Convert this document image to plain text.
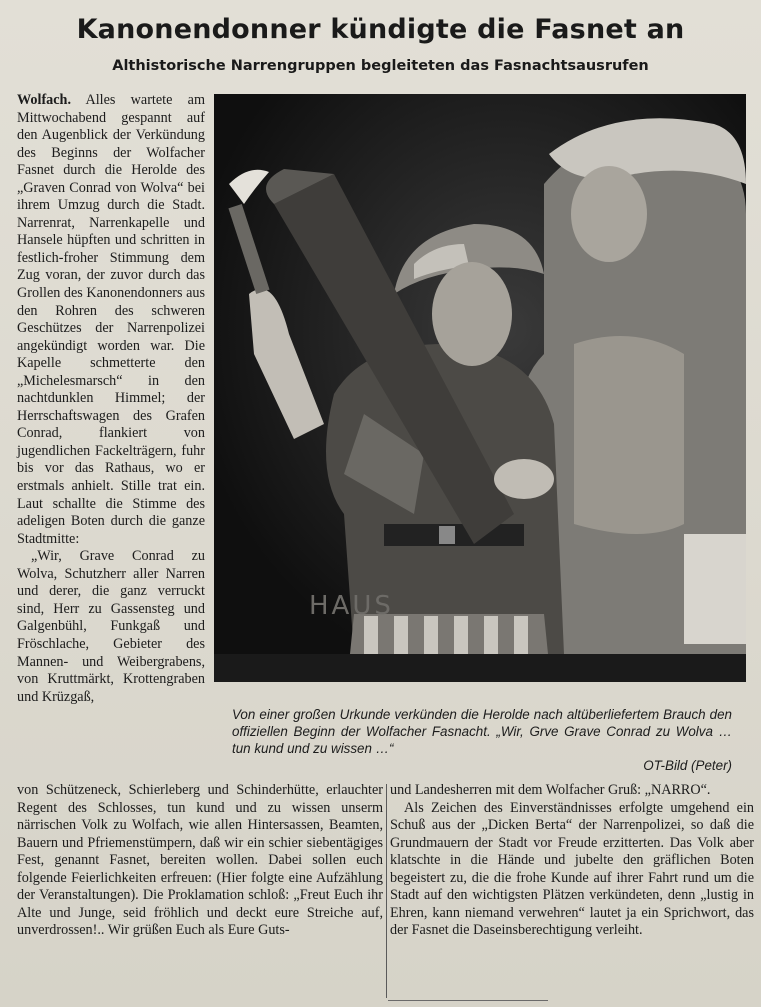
Kanonendonner kündigte die Fasnet an
Althistorische Narrengruppen begleiteten das Fasnachtsausrufen

Wolfach. Alles wartete am Mittwochabend gespannt auf den Augenblick der Verkündung des Beginns der Wolfacher Fasnet durch die Herolde des „Graven Conrad von Wolva“ bei ihrem Umzug durch die Stadt. Narrenrat, Narrenkapelle und Hansele hüpften und schritten in festlich-froher Stimmung dem Zug voran, der zuvor durch das Grollen des Kanonendonners aus den Rohren des schweren Geschützes der Narrenpolizei angekündigt worden war. Die Kapelle schmetterte den „Michelesmarsch“ in den nachtdunklen Himmel; der Herrschaftswagen des Grafen Conrad, flankiert von jugendlichen Fackelträgern, fuhr bis vor das Rathaus, wo er erstmals anhielt. Stille trat ein. Laut schallte die Stimme des adeligen Boten durch die ganze Stadtmitte:

„Wir, Grave Conrad zu Wolva, Schutzherr aller Narren und derer, die ganz verruckt sind, Herr zu Gassensteg und Galgenbühl, Funkgaß und Fröschlache, Gebieter des Mannen- und Weibergrabens, von Kruttmärkt, Krottengraben und Krüzgaß,

HAUS

Von einer großen Urkunde verkünden die Herolde nach altüberliefertem Brauch den offiziellen Beginn der Wolfacher Fasnacht. „Wir, Grve Grave Conrad zu Wolva … tun kund und zu wissen …“
OT-Bild (Peter)

von Schützeneck, Schierleberg und Schinderhütte, erlauchter Regent des Schlosses, tun kund und zu wissen unserm närrischen Volk zu Wolfach, wie allen Hintersassen, Beamten, Bauern und Pfriemenstümpern, daß wir ein schier siebentägiges Fest, genannt Fasnet, bereiten wollen. Dabei sollen euch folgende Feierlichkeiten erfreuen: (Hier folgte eine Aufzählung der Veranstaltungen). Die Proklamation schloß: „Freut Euch ihr Alte und Junge, seid fröhlich und deckt eure Streiche auf, unverdrossen!.. Wir grüßen Euch als Eure Guts-

und Landesherren mit dem Wolfacher Gruß: „NARRO“.

Als Zeichen des Einverständnisses erfolgte umgehend ein Schuß aus der „Dicken Berta“ der Narrenpolizei, so daß die Grundmauern der Stadt vor Freude erzitterten. Das Volk aber klatschte in die Hände und jubelte den gräflichen Boten begeistert zu, die die frohe Kunde auf ihrer Fahrt rund um die Stadt auf den wichtigsten Plätzen verkündeten, denn „lustig in Ehren, kann niemand verwehren“ lautet ja ein Sprichwort, das der Fasnet die Daseinsberechtigung verleiht.
